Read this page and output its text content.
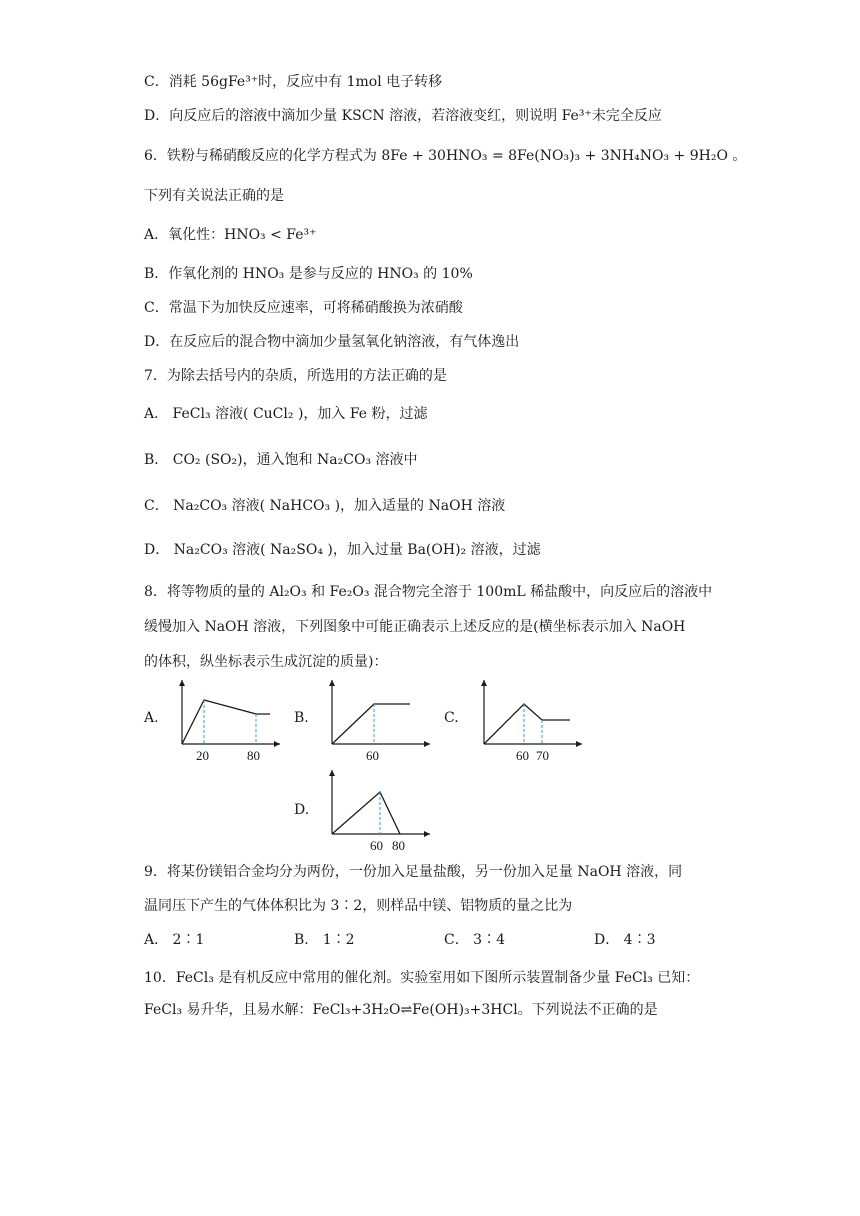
C．消耗 56gFe³⁺时，反应中有 1mol 电子转移
D．向反应后的溶液中滴加少量 KSCN 溶液，若溶液变红，则说明 Fe³⁺未完全反应
6．铁粉与稀硝酸反应的化学方程式为 8Fe + 30HNO₃ = 8Fe(NO₃)₃ + 3NH₄NO₃ + 9H₂O 。
下列有关说法正确的是
A．氧化性：HNO₃ < Fe³⁺
B．作氧化剂的 HNO₃ 是参与反应的 HNO₃ 的 10%
C．常温下为加快反应速率，可将稀硝酸换为浓硝酸
D．在反应后的混合物中滴加少量氢氧化钠溶液，有气体逸出
7．为除去括号内的杂质，所选用的方法正确的是
A． FeCl₃ 溶液( CuCl₂ )，加入 Fe 粉，过滤
B． CO₂ (SO₂)，通入饱和 Na₂CO₃ 溶液中
C． Na₂CO₃ 溶液( NaHCO₃ )，加入适量的 NaOH 溶液
D． Na₂CO₃ 溶液( Na₂SO₄ )，加入过量 Ba(OH)₂ 溶液，过滤
8．将等物质的量的 Al₂O₃ 和 Fe₂O₃ 混合物完全溶于 100mL 稀盐酸中，向反应后的溶液中
缓慢加入 NaOH 溶液，下列图象中可能正确表示上述反应的是(横坐标表示加入 NaOH
的体积，纵坐标表示生成沉淀的质量)：
A.
20	80
B.
60
C.
60 70
D.
60 80
9．将某份镁铝合金均分为两份，一份加入足量盐酸，另一份加入足量 NaOH 溶液，同
温同压下产生的气体体积比为 3∶2，则样品中镁、铝物质的量之比为
A． 2∶1	B． 1∶2	C． 3∶4	D． 4∶3
10．FeCl₃ 是有机反应中常用的催化剂。实验室用如下图所示装置制备少量 FeCl₃ 已知：
FeCl₃ 易升华，且易水解：FeCl₃+3H₂O⇌Fe(OH)₃+3HCl。下列说法不正确的是
